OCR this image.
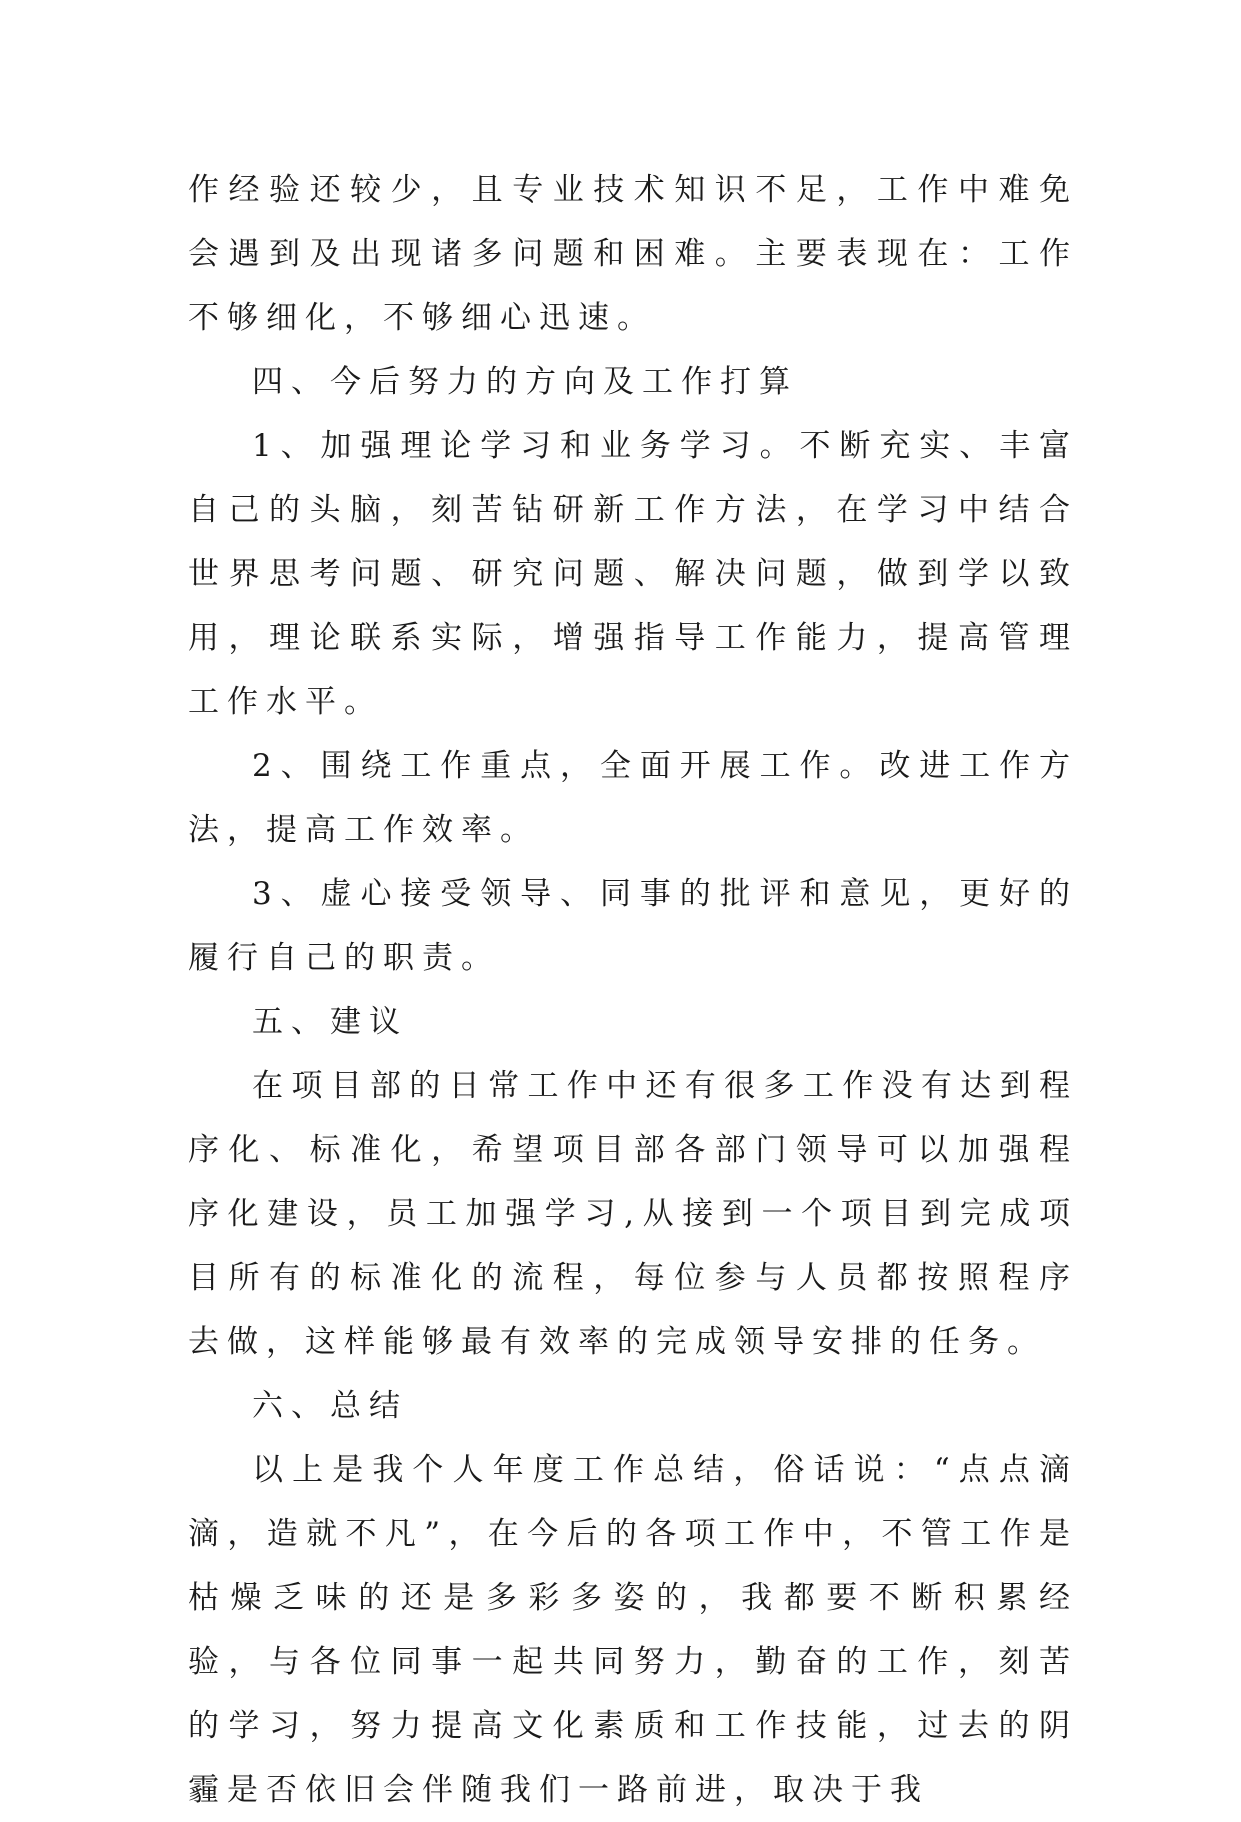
作经验还较少，且专业技术知识不足，工作中难免会遇到及出现诸多问题和困难。主要表现在：工作不够细化，不够细心迅速。

四、今后努力的方向及工作打算

1、加强理论学习和业务学习。不断充实、丰富自己的头脑，刻苦钻研新工作方法，在学习中结合世界思考问题、研究问题、解决问题，做到学以致用，理论联系实际，增强指导工作能力，提高管理工作水平。

2、围绕工作重点，全面开展工作。改进工作方法，提高工作效率。

3、虚心接受领导、同事的批评和意见，更好的履行自己的职责。

五、建议

在项目部的日常工作中还有很多工作没有达到程序化、标准化，希望项目部各部门领导可以加强程序化建设，员工加强学习,从接到一个项目到完成项目所有的标准化的流程，每位参与人员都按照程序去做，这样能够最有效率的完成领导安排的任务。

六、总结

以上是我个人年度工作总结，俗话说：“点点滴滴，造就不凡”，在今后的各项工作中，不管工作是枯燥乏味的还是多彩多姿的，我都要不断积累经验，与各位同事一起共同努力，勤奋的工作，刻苦的学习，努力提高文化素质和工作技能，过去的阴霾是否依旧会伴随我们一路前进，取决于我
